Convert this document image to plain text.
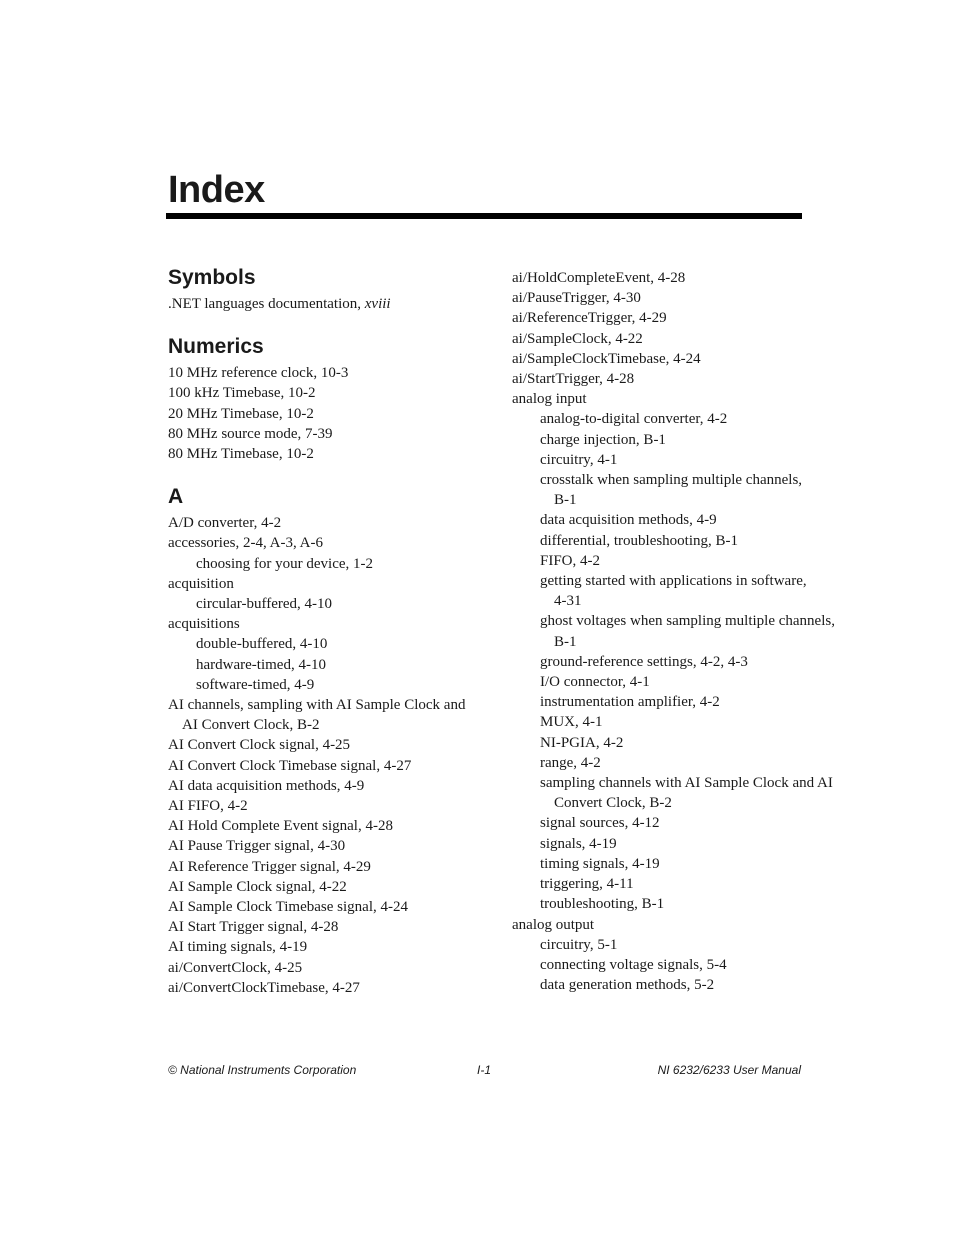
Index
Symbols
.NET languages documentation, xviii
Numerics
10 MHz reference clock, 10-3
100 kHz Timebase, 10-2
20 MHz Timebase, 10-2
80 MHz source mode, 7-39
80 MHz Timebase, 10-2
A
A/D converter, 4-2
accessories, 2-4, A-3, A-6
choosing for your device, 1-2
acquisition
circular-buffered, 4-10
acquisitions
double-buffered, 4-10
hardware-timed, 4-10
software-timed, 4-9
AI channels, sampling with AI Sample Clock and AI Convert Clock, B-2
AI Convert Clock signal, 4-25
AI Convert Clock Timebase signal, 4-27
AI data acquisition methods, 4-9
AI FIFO, 4-2
AI Hold Complete Event signal, 4-28
AI Pause Trigger signal, 4-30
AI Reference Trigger signal, 4-29
AI Sample Clock signal, 4-22
AI Sample Clock Timebase signal, 4-24
AI Start Trigger signal, 4-28
AI timing signals, 4-19
ai/ConvertClock, 4-25
ai/ConvertClockTimebase, 4-27
ai/HoldCompleteEvent, 4-28
ai/PauseTrigger, 4-30
ai/ReferenceTrigger, 4-29
ai/SampleClock, 4-22
ai/SampleClockTimebase, 4-24
ai/StartTrigger, 4-28
analog input
analog-to-digital converter, 4-2
charge injection, B-1
circuitry, 4-1
crosstalk when sampling multiple channels, B-1
data acquisition methods, 4-9
differential, troubleshooting, B-1
FIFO, 4-2
getting started with applications in software, 4-31
ghost voltages when sampling multiple channels, B-1
ground-reference settings, 4-2, 4-3
I/O connector, 4-1
instrumentation amplifier, 4-2
MUX, 4-1
NI-PGIA, 4-2
range, 4-2
sampling channels with AI Sample Clock and AI Convert Clock, B-2
signal sources, 4-12
signals, 4-19
timing signals, 4-19
triggering, 4-11
troubleshooting, B-1
analog output
circuitry, 5-1
connecting voltage signals, 5-4
data generation methods, 5-2
© National Instruments Corporation	I-1	NI 6232/6233 User Manual
